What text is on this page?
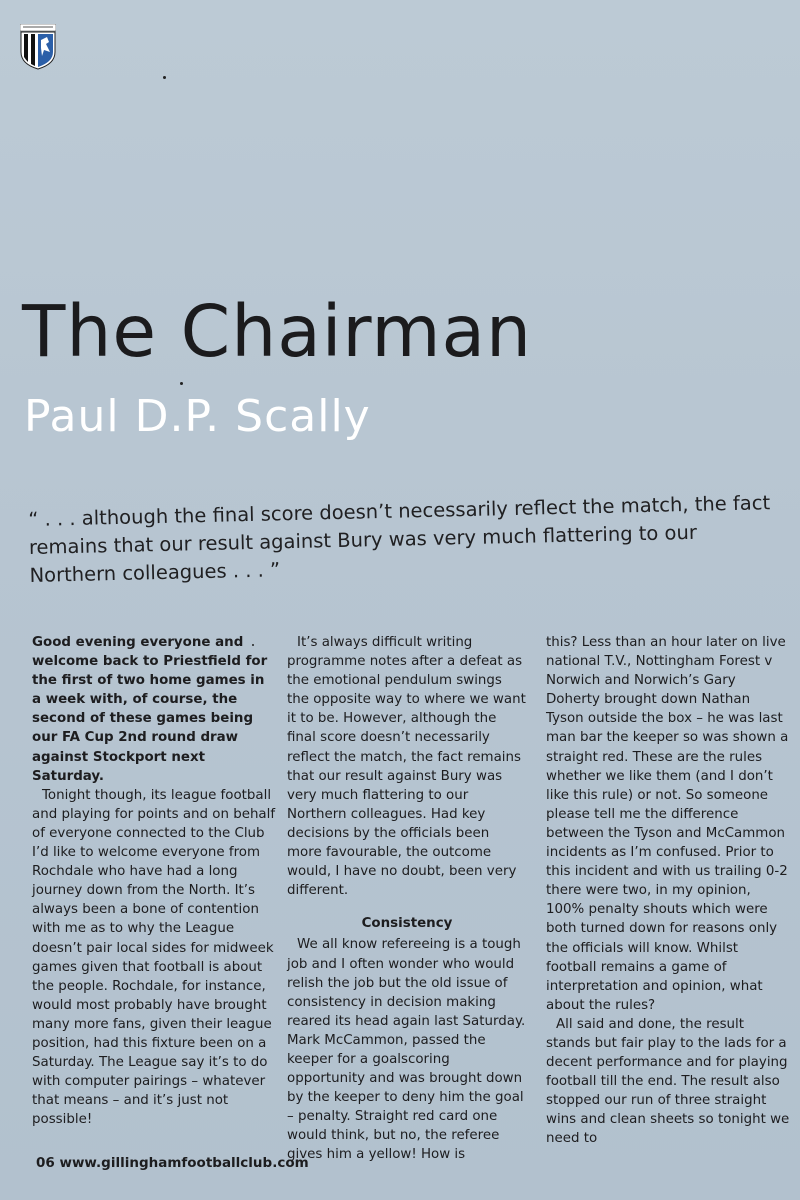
The Chairman
Paul D.P. Scally

“ . . . although the final score doesn’t necessarily reflect the match, the fact remains that our result against Bury was very much flattering to our Northern colleagues . . . ”

Good evening everyone and welcome back to Priestfield for the first of two home games in a week with, of course, the second of these games being our FA Cup 2nd round draw against Stockport next Saturday.

Tonight though, its league football and playing for points and on behalf of everyone connected to the Club I’d like to welcome everyone from Rochdale who have had a long journey down from the North. It’s always been a bone of contention with me as to why the League doesn’t pair local sides for midweek games given that football is about the people. Rochdale, for instance, would most probably have brought many more fans, given their league position, had this fixture been on a Saturday. The League say it’s to do with computer pairings – whatever that means – and it’s just not possible!

It’s always difficult writing programme notes after a defeat as the emotional pendulum swings the opposite way to where we want it to be. However, although the final score doesn’t necessarily reflect the match, the fact remains that our result against Bury was very much flattering to our Northern colleagues. Had key decisions by the officials been more favourable, the outcome would, I have no doubt, been very different.

Consistency

We all know refereeing is a tough job and I often wonder who would relish the job but the old issue of consistency in decision making reared its head again last Saturday. Mark McCammon, passed the keeper for a goalscoring opportunity and was brought down by the keeper to deny him the goal – penalty. Straight red card one would think, but no, the referee gives him a yellow! How is

this? Less than an hour later on live national T.V., Nottingham Forest v Norwich and Norwich’s Gary Doherty brought down Nathan Tyson outside the box – he was last man bar the keeper so was shown a straight red. These are the rules whether we like them (and I don’t like this rule) or not. So someone please tell me the difference between the Tyson and McCammon incidents as I’m confused. Prior to this incident and with us trailing 0-2 there were two, in my opinion, 100% penalty shouts which were both turned down for reasons only the officials will know. Whilst football remains a game of interpretation and opinion, what about the rules?

All said and done, the result stands but fair play to the lads for a decent performance and for playing football till the end. The result also stopped our run of three straight wins and clean sheets so tonight we need to

06 www.gillinghamfootballclub.com
